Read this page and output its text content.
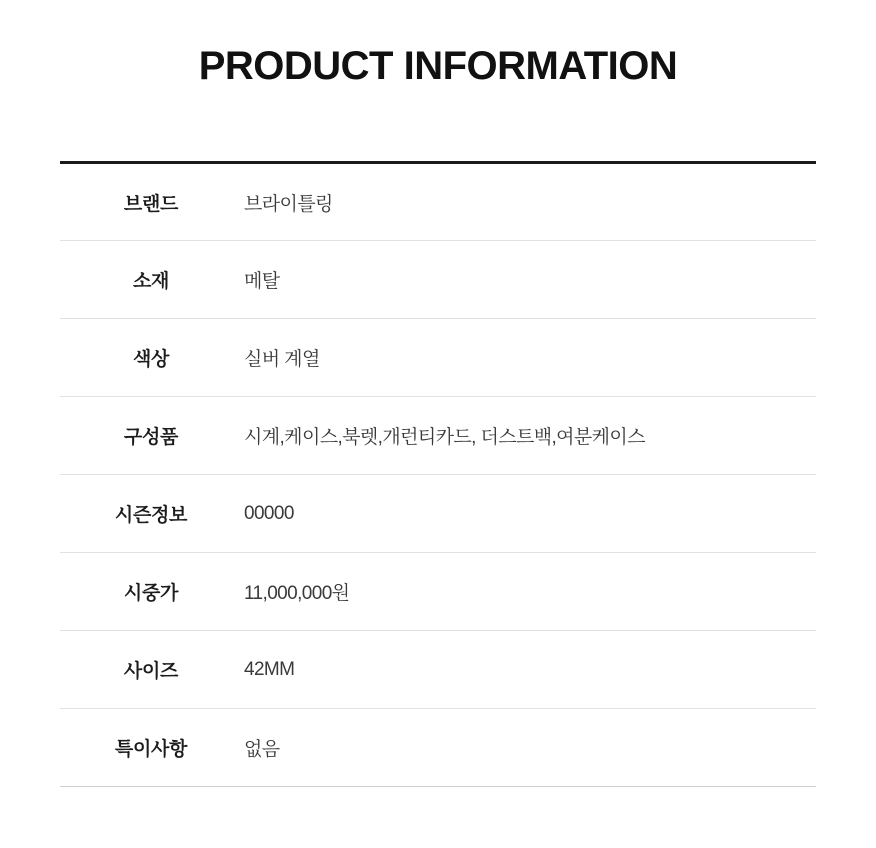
PRODUCT INFORMATION
브랜드	브라이틀링
소재	메탈
색상	실버 계열
구성품	시계,케이스,북렛,개런티카드, 더스트백,여분케이스
시즌정보	00000
시중가	11,000,000원
사이즈	42MM
특이사항	없음
